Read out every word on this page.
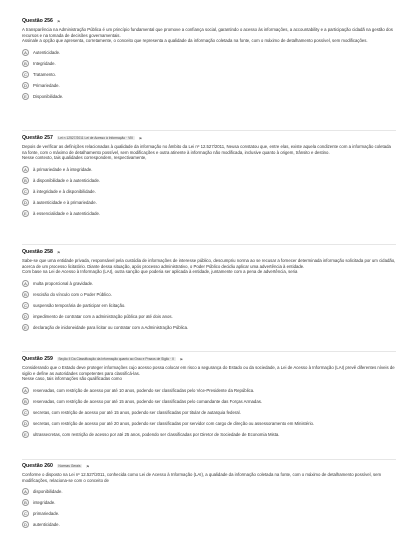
Questão 256 ⚑

A transparência na Administração Pública é um princípio fundamental que promove a confiança social, garantindo o acesso às informações, a accountability e a participação cidadã na gestão dos recursos e na tomada de decisões governamentais.

Assinale a opção que apresenta, corretamente, o conceito que representa a qualidade da informação coletada na fonte, com o máximo de detalhamento possível, sem modificações.

A	Autenticidade.
B	Integridade.
C	Tratamento.
D	Primariedade.
E	Disponibilidade.
Questão 257	Lei n 12527/2011 Lei de Acesso à Informação · VIII	⚑

Depois de verificar as definições relacionadas à qualidade da informação no âmbito da Lei nº 12.527/2011, Neusa constatou que, entre elas, existe aquela condizente com a informação coletada na fonte, com o máximo de detalhamento possível, sem modificações e outra atinente à informação não modificada, inclusive quanto à origem, trânsito e destino.

Nesse contexto, tais qualidades correspondem, respectivamente,

A	à primariedade e à integridade.
B	à disponibilidade e à autenticidade.
C	à integridade e à disponibilidade.
D	à autenticidade e à primariedade.
E	à essencialidade e à autenticidade.
Questão 258 ⚑

Sabe-se que uma entidade privada, responsável pela custódia de informações de interesse público, descumpriu norma ao se recusar a fornecer determinada informação solicitada por um cidadão, acerca de um processo licitatório. Diante dessa situação, após processo administrativo, o Poder Público decidiu aplicar uma advertência à entidade.

Com base na Lei de Acesso à Informação (LAI), outra sanção que poderia ser aplicada à entidade, juntamente com a pena de advertência, seria

A	multa proporcional à gravidade.
B	rescisão do vínculo com o Poder Público.
C	suspensão temporária de participar em licitação.
D	impedimento de contratar com a administração pública por até dois anos.
E	declaração de inidoneidade para licitar ou contratar com a Administração Pública.
Questão 259	Seção II Da Classificação da Informação quanto ao Grau e Prazos de Sigilo · II	⚑

Considerando que o Estado deve proteger informações cujo acesso possa colocar em risco a segurança do Estado ou da sociedade, a Lei de Acesso à Informação (LAI) prevê diferentes níveis de sigilo e define as autoridades competentes para classificá-las.

Nesse caso, tais informações são qualificadas como

A	reservadas, com restrição de acesso por até 10 anos, podendo ser classificadas pelo Vice-Presidente da República.
B	reservadas, com restrição de acesso por até 15 anos, podendo ser classificadas pelo comandante das Forças Armadas.
C	secretas, com restrição de acesso por até 15 anos, podendo ser classificadas por titular de autarquia federal.
D	secretas, com restrição de acesso por até 20 anos, podendo ser classificadas por servidor com cargo de direção ou assessoramento em Ministério.
E	ultrassecretas, com restrição de acesso por até 25 anos, podendo ser classificadas por Diretor de Sociedade de Economia Mista.
Questão 260	Normas Gerais	⚑

Conforme o disposto na Lei nº 12.527/2011, conhecida como Lei de Acesso à Informação (LAI), a qualidade da informação coletada na fonte, com o máximo de detalhamento possível, sem modificações, relaciona-se com o conceito de

A	disponibilidade.
B	integridade.
C	primariedade.
D	autenticidade.
